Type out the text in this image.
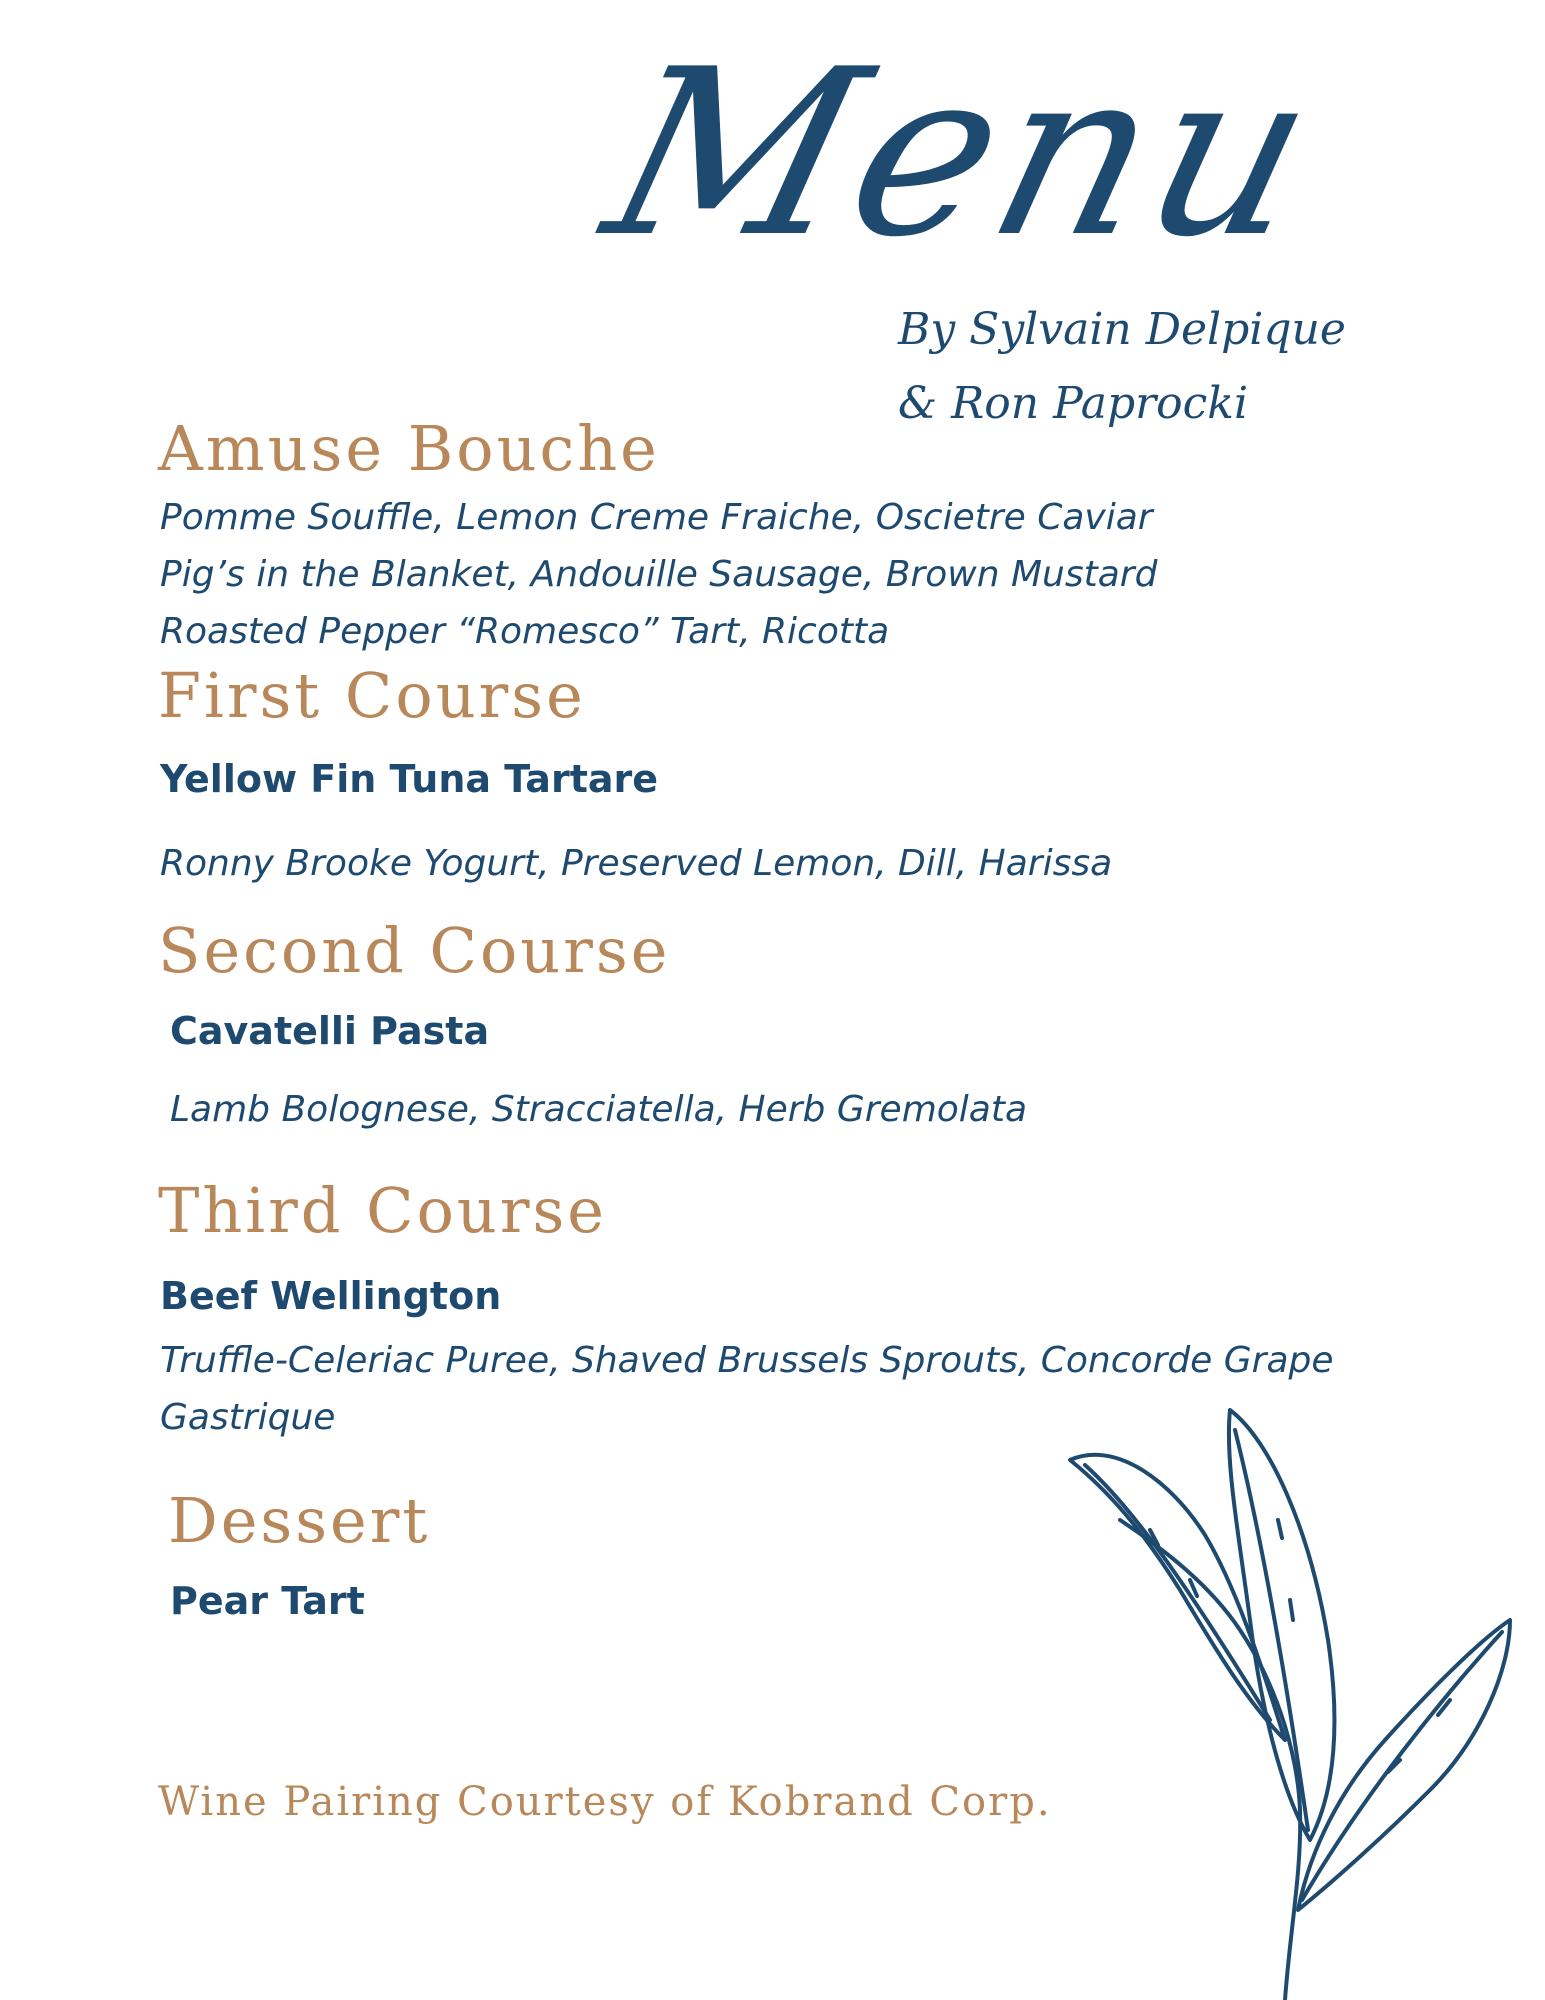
Menu
By Sylvain Delpique
& Ron Paprocki
Amuse Bouche
Pomme Souffle, Lemon Creme Fraiche, Oscietre Caviar
Pig’s in the Blanket, Andouille Sausage, Brown Mustard
Roasted Pepper “Romesco” Tart, Ricotta
First Course
Yellow Fin Tuna Tartare
Ronny Brooke Yogurt, Preserved Lemon, Dill, Harissa
Second Course
Cavatelli Pasta
Lamb Bolognese, Stracciatella, Herb Gremolata
Third Course
Beef Wellington
Truffle-Celeriac Puree, Shaved Brussels Sprouts, Concorde Grape
Gastrique
Dessert
Pear Tart
Wine Pairing Courtesy of Kobrand Corp.
